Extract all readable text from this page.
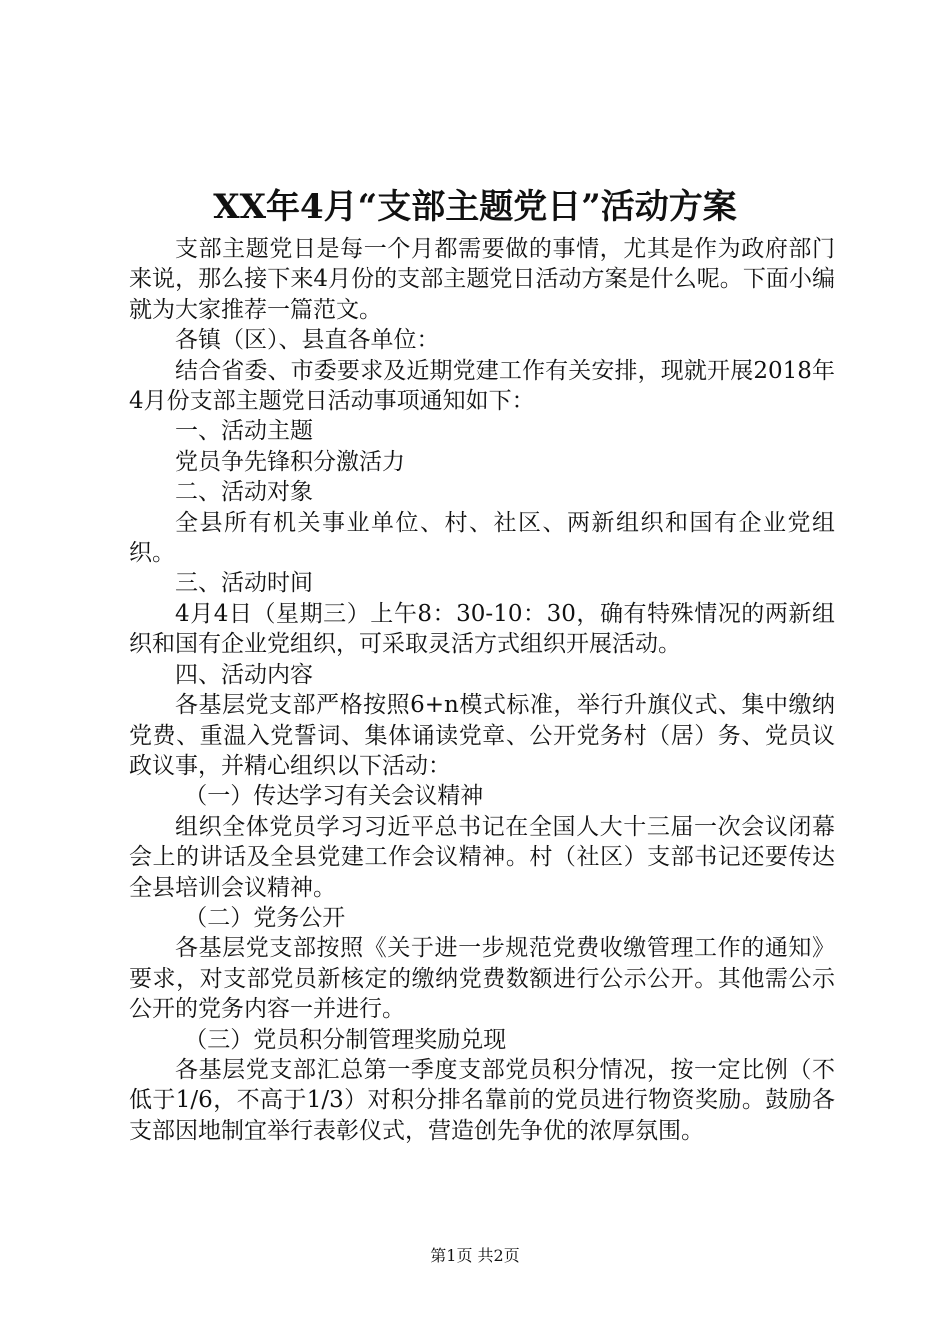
XX年4月“支部主题党日”活动方案

支部主题党日是每一个月都需要做的事情，尤其是作为政府部门来说，那么接下来4月份的支部主题党日活动方案是什么呢。下面小编就为大家推荐一篇范文。

各镇（区）、县直各单位：

结合省委、市委要求及近期党建工作有关安排，现就开展2018年4月份支部主题党日活动事项通知如下：

一、活动主题

党员争先锋积分激活力

二、活动对象

全县所有机关事业单位、村、社区、两新组织和国有企业党组织。

三、活动时间

4月4日（星期三）上午8：30-10：30，确有特殊情况的两新组织和国有企业党组织，可采取灵活方式组织开展活动。

四、活动内容

各基层党支部严格按照6+n模式标准，举行升旗仪式、集中缴纳党费、重温入党誓词、集体诵读党章、公开党务村（居）务、党员议政议事，并精心组织以下活动：

（一）传达学习有关会议精神

组织全体党员学习习近平总书记在全国人大十三届一次会议闭幕会上的讲话及全县党建工作会议精神。村（社区）支部书记还要传达全县培训会议精神。

（二）党务公开

各基层党支部按照《关于进一步规范党费收缴管理工作的通知》要求，对支部党员新核定的缴纳党费数额进行公示公开。其他需公示公开的党务内容一并进行。

（三）党员积分制管理奖励兑现

各基层党支部汇总第一季度支部党员积分情况，按一定比例（不低于1/6，不高于1/3）对积分排名靠前的党员进行物资奖励。鼓励各支部因地制宜举行表彰仪式，营造创先争优的浓厚氛围。

第1页 共2页
